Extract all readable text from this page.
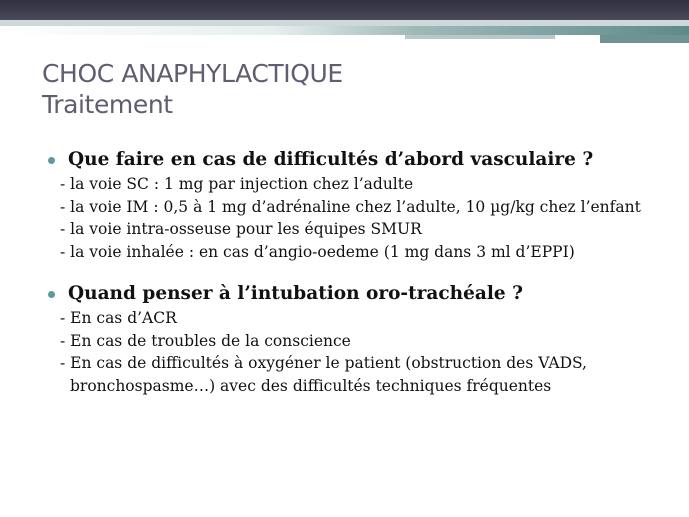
CHOC ANAPHYLACTIQUE
Traitement
Que faire en cas de difficultés d’abord vasculaire ?
- la voie SC : 1 mg par injection chez l’adulte
- la voie IM : 0,5 à 1 mg d’adrénaline chez l’adulte, 10 µg/kg chez l’enfant
- la voie intra-osseuse pour les équipes SMUR
- la voie inhalée : en cas d’angio-oedeme (1 mg dans 3 ml d’EPPI)
Quand penser à l’intubation oro-trachéale ?
- En cas d’ACR
- En cas de troubles de la conscience
- En cas de difficultés à oxygéner le patient (obstruction des VADS, bronchospasme…) avec des difficultés techniques fréquentes
